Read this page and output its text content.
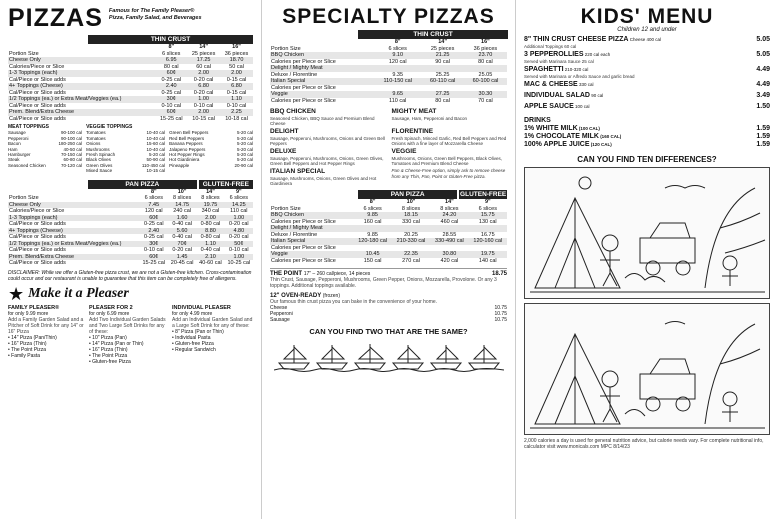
PIZZAS Famous for The Family Pleaser®
Pizza, Family Salad, and Beverages
THIN CRUST
	8"	14"	16"
Portion Size	6 slices	25 pieces	36 pieces
Cheese Only	6.95	17.25	18.70
Calories/Piece or Slice	80 cal	60 cal	50 cal
1-3 Toppings (each)	60¢	2.00	2.00
Cal/Piece or Slice adds	0-25 cal	0-20 cal	0-15 cal
4+ Toppings (Cheese)	2.40	6.80	6.80
Cal/Piece or Slice adds	0-25 cal	0-20 cal	0-15 cal
1/2 Toppings (ea.) or Extra Meat/Veggies (ea.)	30¢	1.00	1.10
Cal/Piece or Slice adds	0-10 cal	0-10 cal	0-10 cal
Prem. Blend/Extra Cheese	60¢	2.00	2.25
Cal/Piece or Slice adds	15-25 cal	10-15 cal	10-18 cal
MEAT TOPPINGS
Sausage	90-100 cal
Pepperoni	90-100 cal
Bacon	180-250 cal
Ham	40-50 cal
Hamburger	70-150 cal
Steak	60-80 cal
Seasoned Chicken	70-120 cal
VEGGIE TOPPINGS
Tomatoes	10-40 cal
Tomatoes	10-40 cal
Onions	15-60 cal
Mushrooms	10-40 cal
Fresh Spinach	5-20 cal
Black Olives	50-90 cal
Green Olives	110-450 cal
Mixed Sauce	10-15 cal
Green Bell Peppers	5-20 cal
Red Bell Peppers	5-20 cal
Banana Peppers	5-20 cal
Jalapeno Peppers	5-20 cal
Hot Pepper Rings	5-20 cal
Hot Giardiniera	5-20 cal
Pineapple	20-90 cal
PAN PIZZA	GLUTEN-FREE
	8"	10"	14"	9"
Portion Size	6 slices	8 slices	8 slices	6 slices
Cheese Only	7.45	14.75	19.75	14.25
Calories/Piece or Slice	120 cal	240 cal	340 cal	110 cal
1-3 Toppings (each)	60¢	1.60	2.00	1.00
Cal/Piece or Slice adds	0-25 cal	0-40 cal	0-80 cal	0-20 cal
4+ Toppings (Cheese)	2.40	5.60	8.80	4.80
Cal/Piece or Slice adds	0-25 cal	0-40 cal	0-80 cal	0-20 cal
1/2 Toppings (ea.) or Extra Meat/Veggies (ea.)	30¢	70¢	1.10	50¢
Cal/Piece or Slice adds	0-10 cal	0-20 cal	0-40 cal	0-10 cal
Prem. Blend/Extra Cheese	60¢	1.45	2.10	1.00
Cal/Piece or Slice adds	15-25 cal	20-45 cal	40-60 cal	10-25 cal
DISCLAIMER: While we offer a Gluten-free pizza crust, we are not a Gluten-free kitchen. Cross-contamination could occur and our restaurant is unable to guarantee that this item can be completely free of allergens.
★ Make it a Pleaser
FAMILY PLEASER®
for only 9.99 more
Add a Family Garden Salad and a Pitcher of Soft Drink for any 14" or 16" Pizza
• 14" Pizza (Pan/Thin)
• 16" Pizza (Thin)
• The Point Pizza
• Family Pasta
PLEASER FOR 2
for only 6.99 more
Add Two Individual Garden Salads and Two Large Soft Drinks for any of these:
• 10" Pizza (Pan)
• 14" Pizza (Pan or Thin)
• 16" Pizza (Thin)
• The Point Pizza
• Gluten-free Pizza
INDIVIDUAL PLEASER
for only 4.99 more
Add an Individual Garden Salad and a Large Soft Drink for any of these:
• 8" Pizza (Pan or Thin)
• Individual Pasta
• Gluten-free Pizza
• Regular Sandwich
SPECIALTY PIZZAS
THIN CRUST
	8"	14"	16"
Portion Size	6 slices	25 pieces	36 pieces
BBQ Chicken	9.10	21.25	23.70
Calories per Piece or Slice	120 cal	90 cal	80 cal
Delight / Mighty Meat			
Deluxe / Florentine	9.35	25.25	25.05
Italian Special	110-150 cal	60-110 cal	60-100 cal
Calories per Piece or Slice			
Veggie	9.65	27.25	30.30
Calories per Piece or Slice	110 cal	80 cal	70 cal
BBQ CHICKEN
Seasoned Chicken, BBQ Sauce and Premium Blend Cheese
MIGHTY MEAT
Sausage, Ham, Pepperoni and Bacon
DELIGHT
Sausage, Pepperoni, Mushrooms, Onions and Green Bell Peppers
FLORENTINE
Fresh Spinach, Minced Garlic, Red Bell Peppers and Red Onions with a fine layer of Mozzarella Cheese
DELUXE
Sausage, Pepperoni, Mushrooms, Onions, Green Olives, Green Bell Peppers and Hot Pepper Rings
VEGGIE
Mushrooms, Onions, Green Bell Peppers, Black Olives, Tomatoes and Premium Blend Cheese
ITALIAN SPECIAL
Sausage, Mushrooms, Onions, Green Olives and Hot Giardiniera
Pan & Cheese-Free option, simply ask to remove cheese from any Thin, Pan, Point or Gluten-Free pizza.
PAN PIZZA	GLUTEN-FREE
	8"	10"	14"	9"
Portion Size	6 slices	8 slices	8 slices	6 slices
BBQ Chicken	9.85	18.15	24.20	15.75
Calories per Piece or Slice	160 cal	330 cal	460 cal	130 cal
Delight / Mighty Meat				
Deluxe / Florentine	9.85	20.25	28.55	16.75
Italian Special	120-180 cal	210-330 cal	330-490 cal	120-160 cal
Calories per Piece or Slice				
Veggie	10.45	22.35	30.80	19.75
Calories per Piece or Slice	150 cal	270 cal	420 cal	140 cal
THE POINT 17" – 260 cal/piece, 14 pieces	18.75
Thin Crust, Sausage, Pepperoni, Mushrooms, Green Pepper, Onions, Mozzarella, Provolone. Or any 3 toppings. Additional toppings available.
12" OVEN-READY (frozen)
Our famous thin crust pizza you can bake in the convenience of your home.
Cheese	10.75
Pepperoni	10.75
Sausage	10.75
CAN YOU FIND TWO THAT ARE THE SAME?
KIDS' MENU
Children 12 and under
8" THIN CRUST CHEESE PIZZA Cheese 400 cal	5.05
Additional Toppings 60 cal
3 PEPPEROLLIES 220 cal each	5.05
Served with Marinara Sauce 25 cal
SPAGHETTI 210-320 cal	4.49
Served with Marinara or Alfredo Sauce and garlic bread
MAC & CHEESE 330 cal	4.49
INDIVIDUAL SALAD 90 cal	3.49
APPLE SAUCE 100 cal	1.50
DRINKS
1% WHITE MILK (100 CAL)	1.59
1% CHOCOLATE MILK (160 CAL)	1.59
100% APPLE JUICE (120 CAL)	1.59
CAN YOU FIND TEN DIFFERENCES?
2,000 calories a day is used for general nutrition advice, but calorie needs vary. For complete nutritional info, calculator visit www.monicals.com MPC 8/14/23
